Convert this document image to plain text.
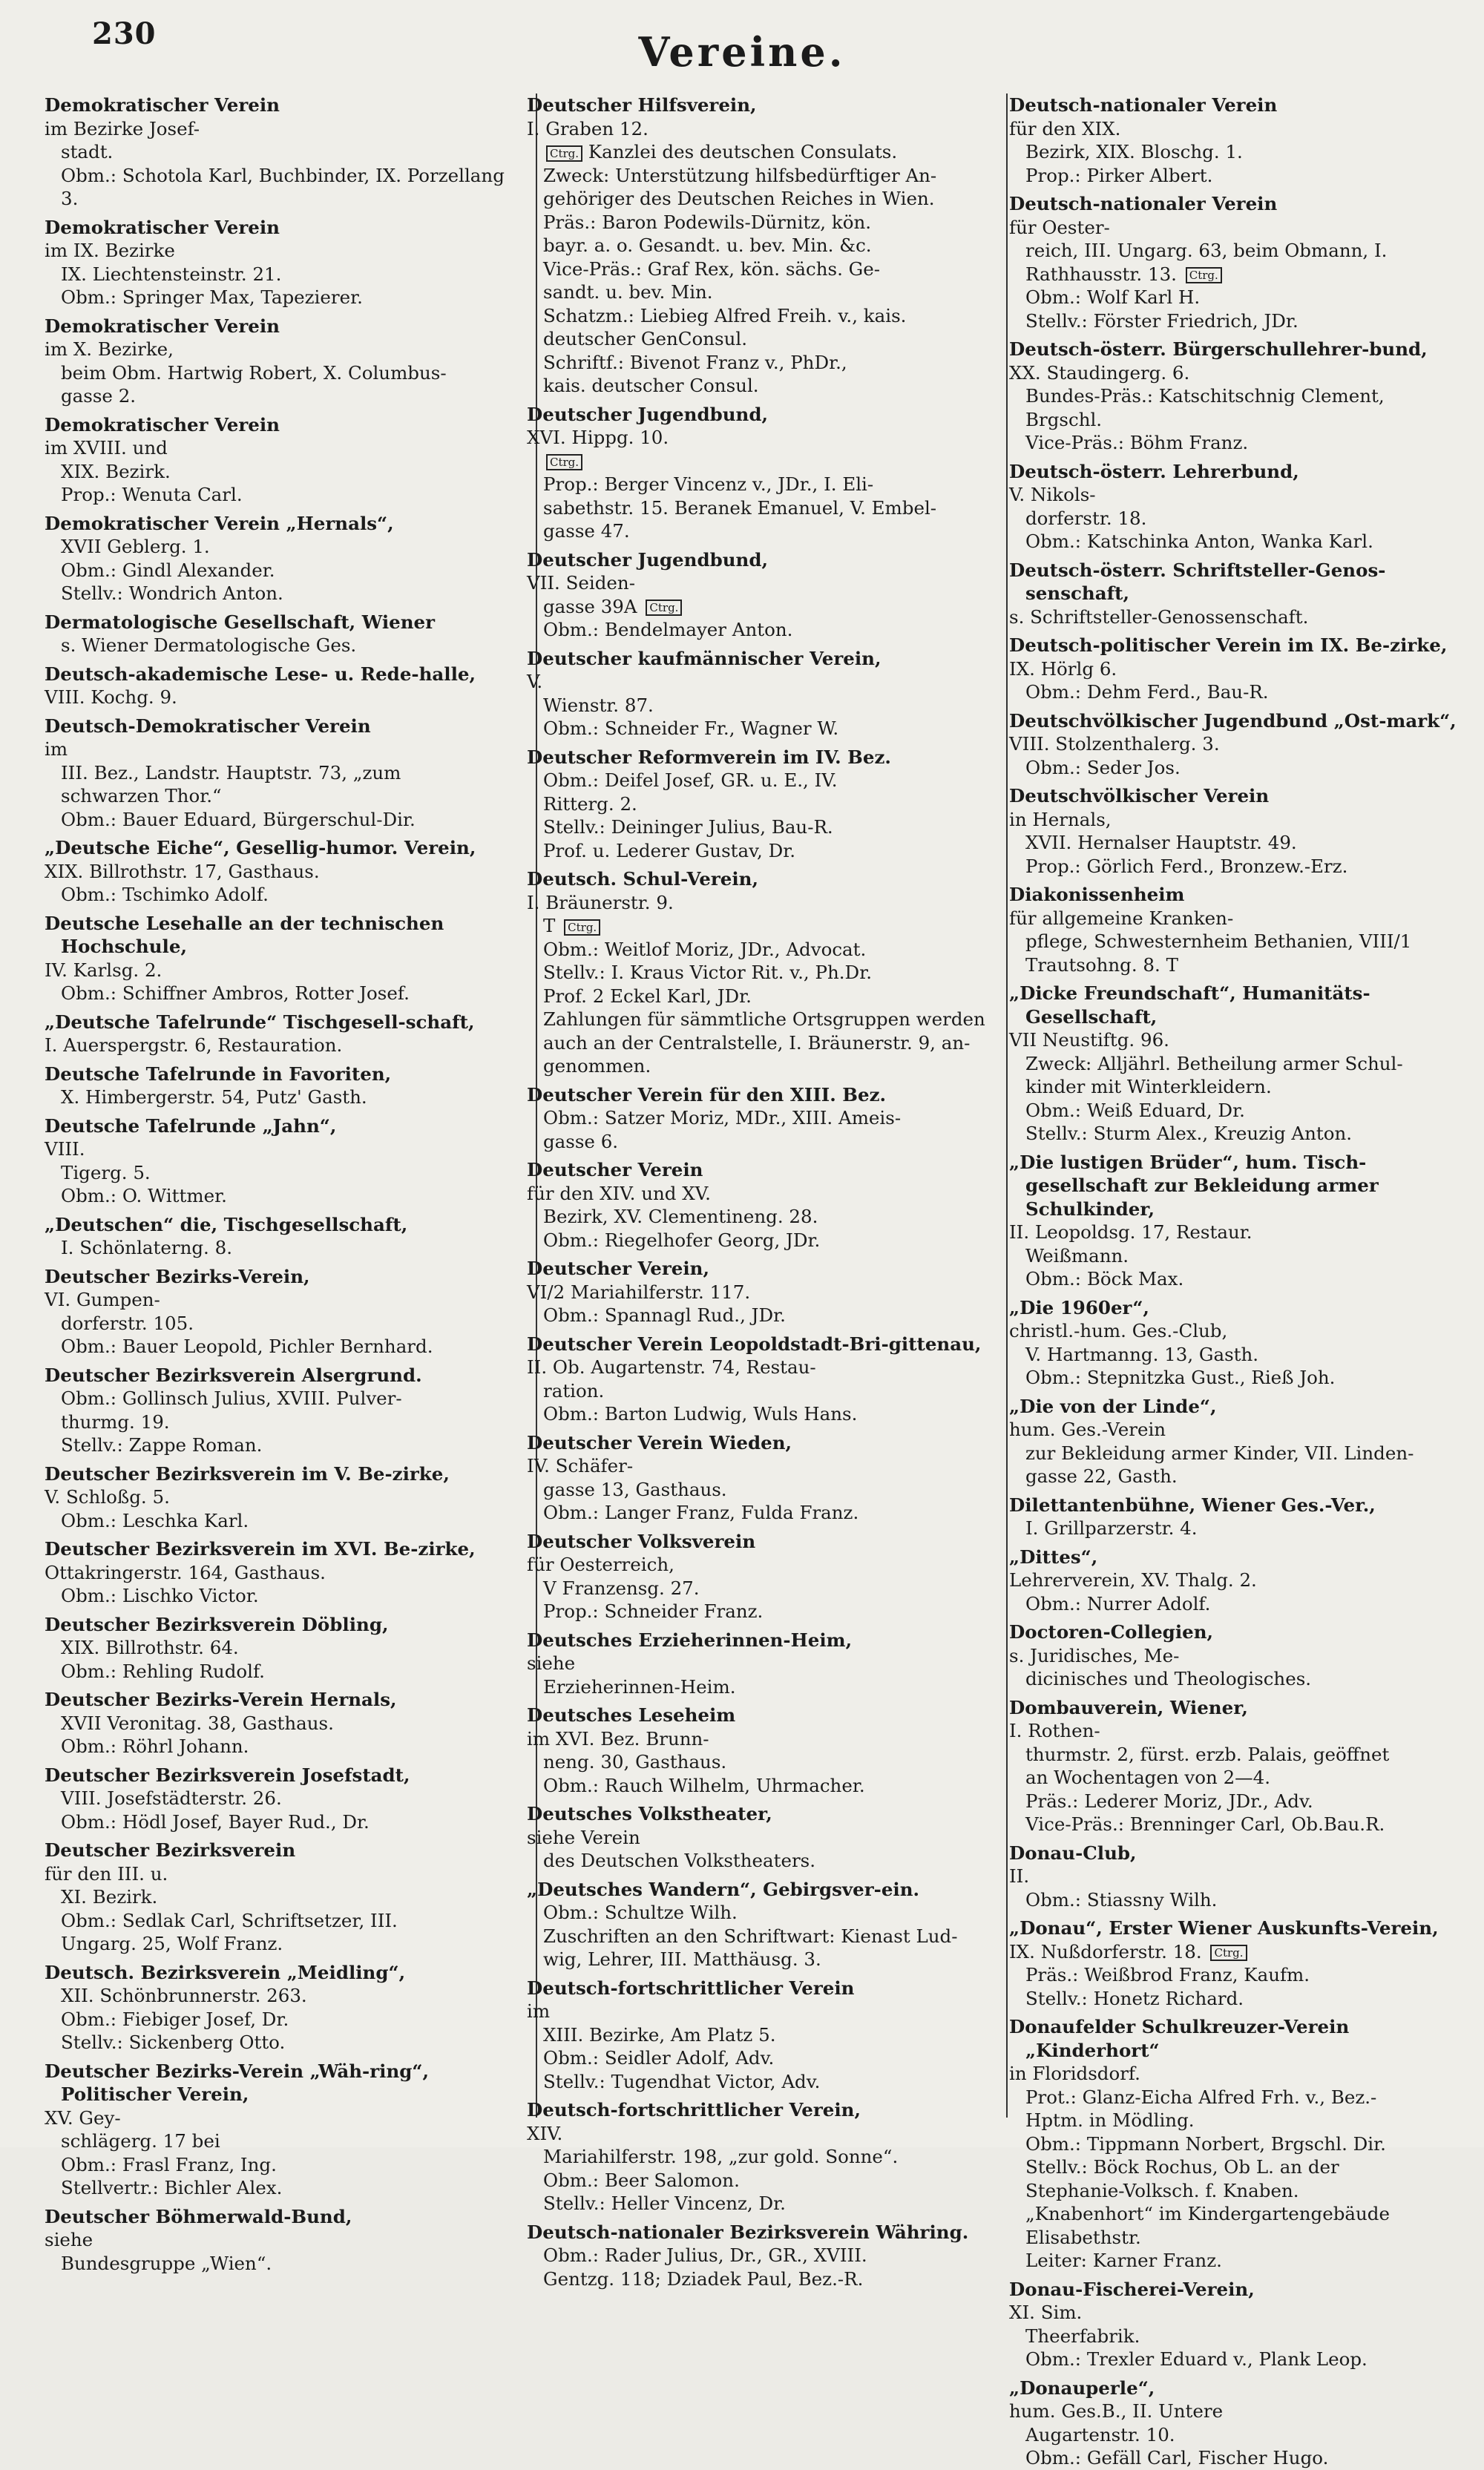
230	Vereine.
Demokratischer Verein
im Bezirke Josef-
stadt.
Obm.: Schotola Karl, Buchbinder, IX. Porzellang 3.
Demokratischer Verein
im IX. Bezirke
IX. Liechtensteinstr. 21.
Obm.: Springer Max, Tapezierer.
Demokratischer Verein
im X. Bezirke,
beim Obm. Hartwig Robert, X. Columbus-
gasse 2.
Demokratischer Verein
im XVIII. und
XIX. Bezirk.
Prop.: Wenuta Carl.
Demokratischer Verein „Hernals“,
XVII Geblerg. 1.
Obm.: Gindl Alexander.
Stellv.: Wondrich Anton.
Dermatologische Gesellschaft, Wiener
s. Wiener Dermatologische Ges.
Deutsch-akademische Lese- u. Rede-halle,
VIII. Kochg. 9.
Deutsch-Demokratischer Verein
im
III. Bez., Landstr. Hauptstr. 73, „zum
schwarzen Thor.“
Obm.: Bauer Eduard, Bürgerschul-Dir.
„Deutsche Eiche“, Gesellig-humor. Verein,
XIX. Billrothstr. 17, Gasthaus.
Obm.: Tschimko Adolf.
Deutsche Lesehalle an der technischen Hochschule,
IV. Karlsg. 2.
Obm.: Schiffner Ambros, Rotter Josef.
„Deutsche Tafelrunde“ Tischgesell-schaft,
I. Auerspergstr. 6, Restauration.
Deutsche Tafelrunde in Favoriten,
X. Himbergerstr. 54, Putz' Gasth.
Deutsche Tafelrunde „Jahn“,
VIII.
Tigerg. 5.
Obm.: O. Wittmer.
„Deutschen“ die, Tischgesellschaft,
I. Schönlaterng. 8.
Deutscher Bezirks-Verein,
VI. Gumpen-
dorferstr. 105.
Obm.: Bauer Leopold, Pichler Bernhard.
Deutscher Bezirksverein Alsergrund.
Obm.: Gollinsch Julius, XVIII. Pulver-
thurmg. 19.
Stellv.: Zappe Roman.
Deutscher Bezirksverein im V. Be-zirke,
V. Schloßg. 5.
Obm.: Leschka Karl.
Deutscher Bezirksverein im XVI. Be-zirke,
Ottakringerstr. 164, Gasthaus.
Obm.: Lischko Victor.
Deutscher Bezirksverein Döbling,
XIX. Billrothstr. 64.
Obm.: Rehling Rudolf.
Deutscher Bezirks-Verein Hernals,
XVII Veronitag. 38, Gasthaus.
Obm.: Röhrl Johann.
Deutscher Bezirksverein Josefstadt,
VIII. Josefstädterstr. 26.
Obm.: Hödl Josef, Bayer Rud., Dr.
Deutscher Bezirksverein
für den III. u.
XI. Bezirk.
Obm.: Sedlak Carl, Schriftsetzer, III.
Ungarg. 25, Wolf Franz.
Deutsch. Bezirksverein „Meidling“,
XII. Schönbrunnerstr. 263.
Obm.: Fiebiger Josef, Dr.
Stellv.: Sickenberg Otto.
Deutscher Bezirks-Verein „Wäh-ring“, Politischer Verein,
XV. Gey-
schlägerg. 17 bei
Obm.: Frasl Franz, Ing.
Stellvertr.: Bichler Alex.
Deutscher Böhmerwald-Bund,
siehe
Bundesgruppe „Wien“.
Deutscher Hilfsverein,
I. Graben 12.
Ctrg. Kanzlei des deutschen Consulats.
Zweck: Unterstützung hilfsbedürftiger An-
gehöriger des Deutschen Reiches in Wien.
Präs.: Baron Podewils-Dürnitz, kön.
bayr. a. o. Gesandt. u. bev. Min. &c.
Vice-Präs.: Graf Rex, kön. sächs. Ge-
sandt. u. bev. Min.
Schatzm.: Liebieg Alfred Freih. v., kais.
deutscher GenConsul.
Schriftf.: Bivenot Franz v., PhDr.,
kais. deutscher Consul.
Deutscher Jugendbund,
XVI. Hippg. 10.
Ctrg.
Prop.: Berger Vincenz v., JDr., I. Eli-
sabethstr. 15. Beranek Emanuel, V. Embel-
gasse 47.
Deutscher Jugendbund,
VII. Seiden-
gasse 39A Ctrg.
Obm.: Bendelmayer Anton.
Deutscher kaufmännischer Verein,
V.
Wienstr. 87.
Obm.: Schneider Fr., Wagner W.
Deutscher Reformverein im IV. Bez.
Obm.: Deifel Josef, GR. u. E., IV.
Ritterg. 2.
Stellv.: Deininger Julius, Bau-R.
Prof. u. Lederer Gustav, Dr.
Deutsch. Schul-Verein,
I. Bräunerstr. 9.
T Ctrg.
Obm.: Weitlof Moriz, JDr., Advocat.
Stellv.: I. Kraus Victor Rit. v., Ph.Dr.
Prof. 2 Eckel Karl, JDr.
Zahlungen für sämmtliche Ortsgruppen werden
auch an der Centralstelle, I. Bräunerstr. 9, an-
genommen.
Deutscher Verein für den XIII. Bez.
Obm.: Satzer Moriz, MDr., XIII. Ameis-
gasse 6.
Deutscher Verein
für den XIV. und XV.
Bezirk, XV. Clementineng. 28.
Obm.: Riegelhofer Georg, JDr.
Deutscher Verein,
VI/2 Mariahilferstr. 117.
Obm.: Spannagl Rud., JDr.
Deutscher Verein Leopoldstadt-Bri-gittenau,
II. Ob. Augartenstr. 74, Restau-
ration.
Obm.: Barton Ludwig, Wuls Hans.
Deutscher Verein Wieden,
IV. Schäfer-
gasse 13, Gasthaus.
Obm.: Langer Franz, Fulda Franz.
Deutscher Volksverein
für Oesterreich,
V Franzensg. 27.
Prop.: Schneider Franz.
Deutsches Erzieherinnen-Heim,
siehe
Erzieherinnen-Heim.
Deutsches Leseheim
im XVI. Bez. Brunn-
neng. 30, Gasthaus.
Obm.: Rauch Wilhelm, Uhrmacher.
Deutsches Volkstheater,
siehe Verein
des Deutschen Volkstheaters.
„Deutsches Wandern“, Gebirgsver-ein.
Obm.: Schultze Wilh.
Zuschriften an den Schriftwart: Kienast Lud-
wig, Lehrer, III. Matthäusg. 3.
Deutsch-fortschrittlicher Verein
im
XIII. Bezirke, Am Platz 5.
Obm.: Seidler Adolf, Adv.
Stellv.: Tugendhat Victor, Adv.
Deutsch-fortschrittlicher Verein,
XIV.
Mariahilferstr. 198, „zur gold. Sonne“.
Obm.: Beer Salomon.
Stellv.: Heller Vincenz, Dr.
Deutsch-nationaler Bezirksverein Währing.
Obm.: Rader Julius, Dr., GR., XVIII.
Gentzg. 118; Dziadek Paul, Bez.-R.
Deutsch-nationaler Verein
für den XIX.
Bezirk, XIX. Bloschg. 1.
Prop.: Pirker Albert.
Deutsch-nationaler Verein
für Oester-
reich, III. Ungarg. 63, beim Obmann, I.
Rathhausstr. 13. Ctrg.
Obm.: Wolf Karl H.
Stellv.: Förster Friedrich, JDr.
Deutsch-österr. Bürgerschullehrer-bund,
XX. Staudingerg. 6.
Bundes-Präs.: Katschitschnig Clement,
Brgschl.
Vice-Präs.: Böhm Franz.
Deutsch-österr. Lehrerbund,
V. Nikols-
dorferstr. 18.
Obm.: Katschinka Anton, Wanka Karl.
Deutsch-österr. Schriftsteller-Genos-senschaft,
s. Schriftsteller-Genossenschaft.
Deutsch-politischer Verein im IX. Be-zirke,
IX. Hörlg 6.
Obm.: Dehm Ferd., Bau-R.
Deutschvölkischer Jugendbund „Ost-mark“,
VIII. Stolzenthalerg. 3.
Obm.: Seder Jos.
Deutschvölkischer Verein
in Hernals,
XVII. Hernalser Hauptstr. 49.
Prop.: Görlich Ferd., Bronzew.-Erz.
Diakonissenheim
für allgemeine Kranken-
pflege, Schwesternheim Bethanien, VIII/1
Trautsohng. 8. T
„Dicke Freundschaft“, Humanitäts-Gesellschaft,
VII Neustiftg. 96.
Zweck: Alljährl. Betheilung armer Schul-
kinder mit Winterkleidern.
Obm.: Weiß Eduard, Dr.
Stellv.: Sturm Alex., Kreuzig Anton.
„Die lustigen Brüder“, hum. Tisch-gesellschaft zur Bekleidung armer Schulkinder,
II. Leopoldsg. 17, Restaur.
Weißmann.
Obm.: Böck Max.
„Die 1960er“,
christl.-hum. Ges.-Club,
V. Hartmanng. 13, Gasth.
Obm.: Stepnitzka Gust., Rieß Joh.
„Die von der Linde“,
hum. Ges.-Verein
zur Bekleidung armer Kinder, VII. Linden-
gasse 22, Gasth.
Dilettantenbühne, Wiener Ges.-Ver.,
I. Grillparzerstr. 4.
„Dittes“,
Lehrerverein, XV. Thalg. 2.
Obm.: Nurrer Adolf.
Doctoren-Collegien,
s. Juridisches, Me-
dicinisches und Theologisches.
Dombauverein, Wiener,
I. Rothen-
thurmstr. 2, fürst. erzb. Palais, geöffnet
an Wochentagen von 2—4.
Präs.: Lederer Moriz, JDr., Adv.
Vice-Präs.: Brenninger Carl, Ob.Bau.R.
Donau-Club,
II.
Obm.: Stiassny Wilh.
„Donau“, Erster Wiener Auskunfts-Verein,
IX. Nußdorferstr. 18. Ctrg.
Präs.: Weißbrod Franz, Kaufm.
Stellv.: Honetz Richard.
Donaufelder Schulkreuzer-Verein „Kinderhort“
in Floridsdorf.
Prot.: Glanz-Eicha Alfred Frh. v., Bez.-
Hptm. in Mödling.
Obm.: Tippmann Norbert, Brgschl. Dir.
Stellv.: Böck Rochus, Ob L. an der
Stephanie-Volksch. f. Knaben.
„Knabenhort“ im Kindergartengebäude
Elisabethstr.
Leiter: Karner Franz.
Donau-Fischerei-Verein,
XI. Sim.
Theerfabrik.
Obm.: Trexler Eduard v., Plank Leop.
„Donauperle“,
hum. Ges.B., II. Untere
Augartenstr. 10.
Obm.: Gefäll Carl, Fischer Hugo.
